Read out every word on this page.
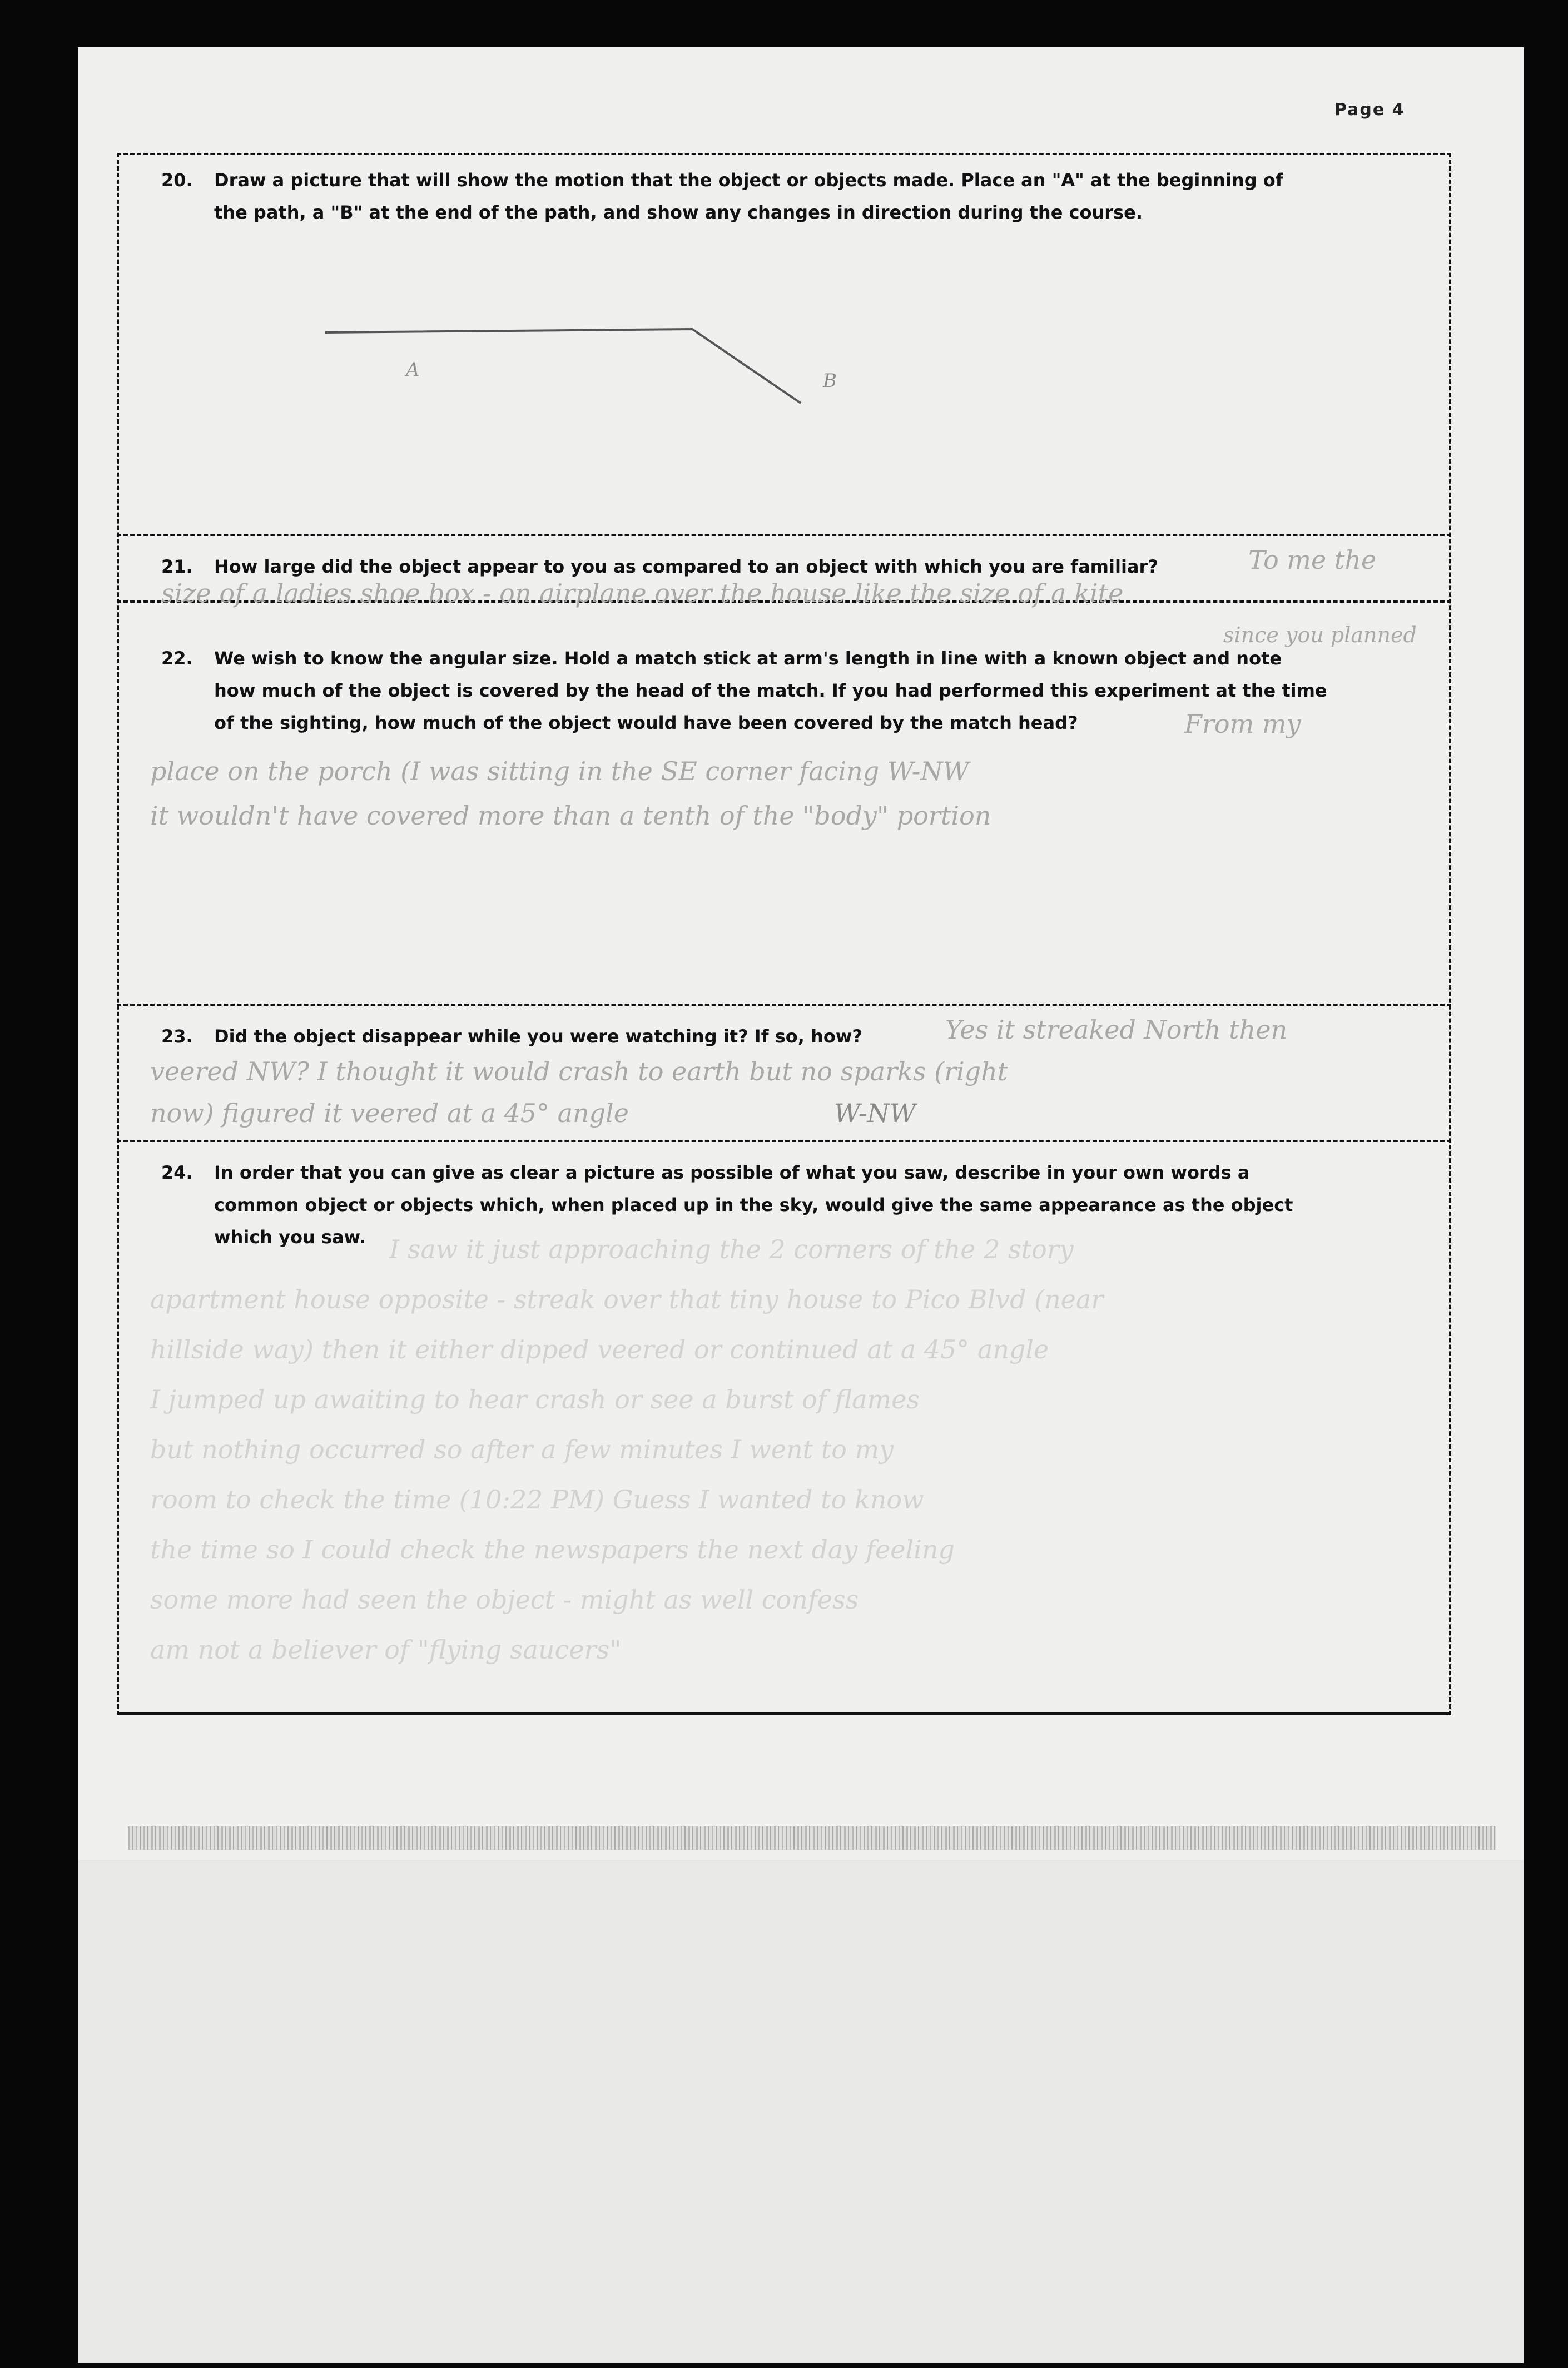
Page 4
20. Draw a picture that will show the motion that the object or objects made. Place an "A" at the beginning of
the path, a "B" at the end of the path, and show any changes in direction during the course.
A	B
21. How large did the object appear to you as compared to an object with which you are familiar?	To me the
size of a ladies shoe box - on airplane over the house like the size of a kite
since you planned
22. We wish to know the angular size. Hold a match stick at arm's length in line with a known object and note
how much of the object is covered by the head of the match. If you had performed this experiment at the time
of the sighting, how much of the object would have been covered by the match head?	From my
place on the porch (I was sitting in the SE corner facing W-NW
it wouldn't have covered more than a tenth of the "body" portion
23. Did the object disappear while you were watching it? If so, how?	Yes it streaked North then
veered NW? I thought it would crash to earth but no sparks (right
now) figured it veered at a 45° angle	W-NW
24. In order that you can give as clear a picture as possible of what you saw, describe in your own words a
common object or objects which, when placed up in the sky, would give the same appearance as the object
which you saw. I saw it just approaching the 2 corners of the 2 story
apartment house opposite - streak over that tiny house to Pico Blvd (near
hillside way) then it either dipped veered or continued at a 45° angle
I jumped up awaiting to hear crash or see a burst of flames
but nothing occurred so after a few minutes I went to my
room to check the time (10:22 PM) Guess I wanted to know
the time so I could check the newspapers the next day feeling
some more had seen the object - might as well confess
am not a believer of "flying saucers"
